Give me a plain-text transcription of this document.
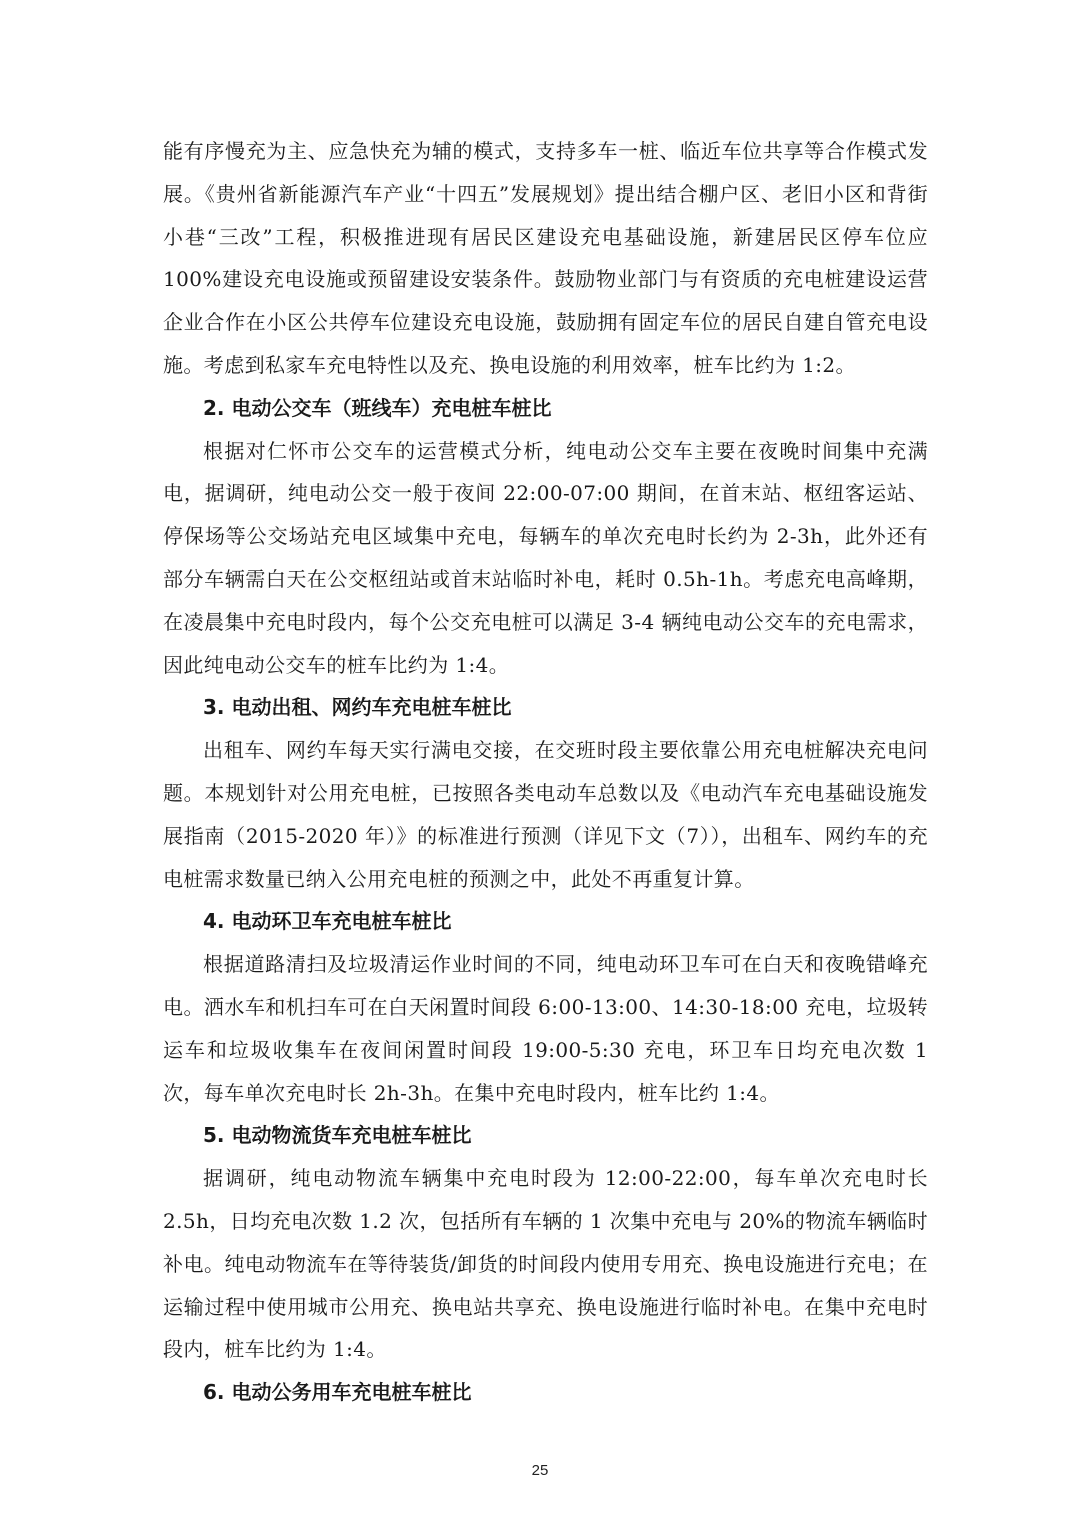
能有序慢充为主、应急快充为辅的模式，支持多车一桩、临近车位共享等合作模式发展。《贵州省新能源汽车产业“十四五”发展规划》提出结合棚户区、老旧小区和背街小巷“三改”工程，积极推进现有居民区建设充电基础设施，新建居民区停车位应 100%建设充电设施或预留建设安装条件。鼓励物业部门与有资质的充电桩建设运营企业合作在小区公共停车位建设充电设施，鼓励拥有固定车位的居民自建自管充电设施。考虑到私家车充电特性以及充、换电设施的利用效率，桩车比约为 1:2。

2. 电动公交车（班线车）充电桩车桩比

根据对仁怀市公交车的运营模式分析，纯电动公交车主要在夜晚时间集中充满电，据调研，纯电动公交一般于夜间 22:00-07:00 期间，在首末站、枢纽客运站、停保场等公交场站充电区域集中充电，每辆车的单次充电时长约为 2-3h，此外还有部分车辆需白天在公交枢纽站或首末站临时补电，耗时 0.5h-1h。考虑充电高峰期，在凌晨集中充电时段内，每个公交充电桩可以满足 3-4 辆纯电动公交车的充电需求，因此纯电动公交车的桩车比约为 1:4。

3. 电动出租、网约车充电桩车桩比

出租车、网约车每天实行满电交接，在交班时段主要依靠公用充电桩解决充电问题。本规划针对公用充电桩，已按照各类电动车总数以及《电动汽车充电基础设施发展指南（2015-2020 年）》的标准进行预测（详见下文（7）），出租车、网约车的充电桩需求数量已纳入公用充电桩的预测之中，此处不再重复计算。

4. 电动环卫车充电桩车桩比

根据道路清扫及垃圾清运作业时间的不同，纯电动环卫车可在白天和夜晚错峰充电。洒水车和机扫车可在白天闲置时间段 6:00-13:00、14:30-18:00 充电，垃圾转运车和垃圾收集车在夜间闲置时间段 19:00-5:30 充电，环卫车日均充电次数 1 次，每车单次充电时长 2h-3h。在集中充电时段内，桩车比约 1:4。

5. 电动物流货车充电桩车桩比

据调研，纯电动物流车辆集中充电时段为 12:00-22:00，每车单次充电时长 2.5h，日均充电次数 1.2 次，包括所有车辆的 1 次集中充电与 20%的物流车辆临时补电。纯电动物流车在等待装货/卸货的时间段内使用专用充、换电设施进行充电；在运输过程中使用城市公用充、换电站共享充、换电设施进行临时补电。在集中充电时段内，桩车比约为 1:4。

6. 电动公务用车充电桩车桩比

25
